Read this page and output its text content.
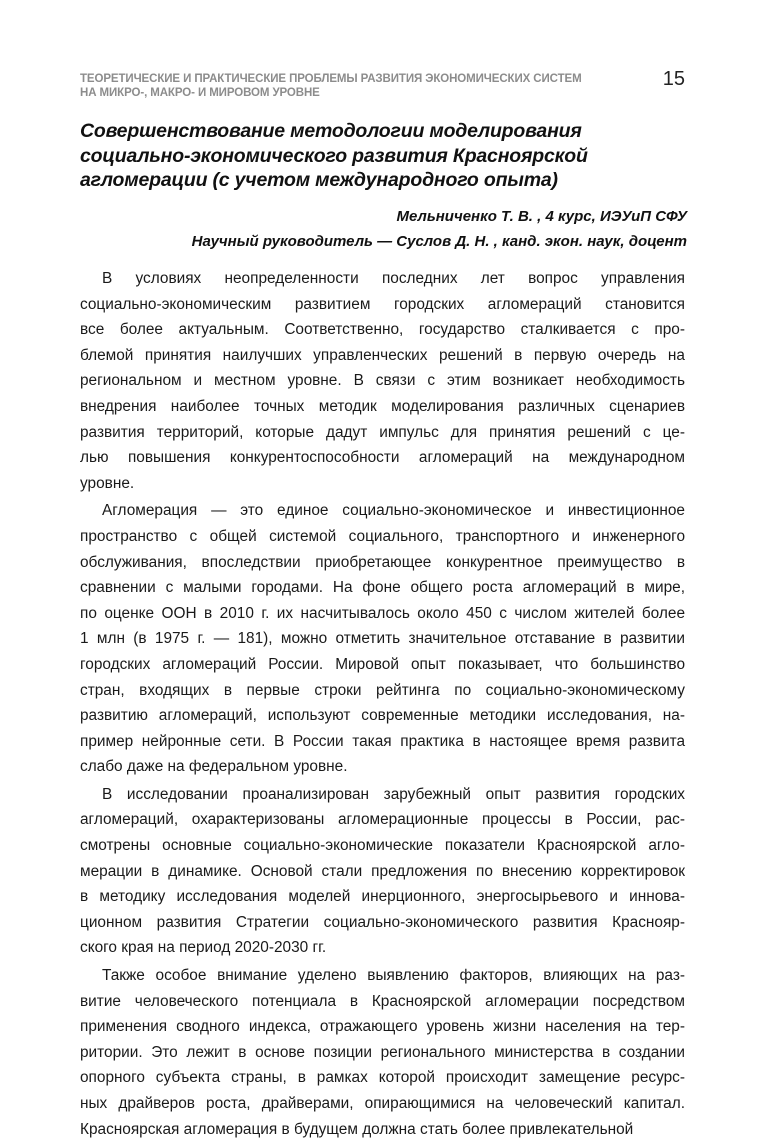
ТЕОРЕТИЧЕСКИЕ И ПРАКТИЧЕСКИЕ ПРОБЛЕМЫ РАЗВИТИЯ ЭКОНОМИЧЕСКИХ СИСТЕМ
НА МИКРО-, МАКРО- И МИРОВОМ УРОВНЕ
15
Совершенствование методологии моделирования
социально-экономического развития Красноярской
агломерации (с учетом международного опыта)
Мельниченко Т. В. , 4 курс, ИЭУиП СФУ
Научный руководитель — Суслов Д. Н. , канд. экон. наук, доцент
В условиях неопределенности последних лет вопрос управления
социально-экономическим развитием городских агломераций становится
все более актуальным. Соответственно, государство сталкивается с про-
блемой принятия наилучших управленческих решений в первую очередь на
региональном и местном уровне. В связи с этим возникает необходимость
внедрения наиболее точных методик моделирования различных сценариев
развития территорий, которые дадут импульс для принятия решений с це-
лью повышения конкурентоспособности агломераций на международном
уровне.
Агломерация — это единое социально-экономическое и инвестиционное
пространство с общей системой социального, транспортного и инженерного
обслуживания, впоследствии приобретающее конкурентное преимущество в
сравнении с малыми городами. На фоне общего роста агломераций в мире,
по оценке ООН в 2010 г. их насчитывалось около 450 с числом жителей более
1 млн (в 1975 г. — 181), можно отметить значительное отставание в развитии
городских агломераций России. Мировой опыт показывает, что большинство
стран, входящих в первые строки рейтинга по социально-экономическому
развитию агломераций, используют современные методики исследования, на-
пример нейронные сети. В России такая практика в настоящее время развита
слабо даже на федеральном уровне.
В исследовании проанализирован зарубежный опыт развития городских
агломераций, охарактеризованы агломерационные процессы в России, рас-
смотрены основные социально-экономические показатели Красноярской агло-
мерации в динамике. Основой стали предложения по внесению корректировок
в методику исследования моделей инерционного, энергосырьевого и иннова-
ционном развития Стратегии социально-экономического развития Краснояр-
ского края на период 2020-2030 гг.
Также особое внимание уделено выявлению факторов, влияющих на раз-
витие человеческого потенциала в Красноярской агломерации посредством
применения сводного индекса, отражающего уровень жизни населения на тер-
ритории. Это лежит в основе позиции регионального министерства в создании
опорного субъекта страны, в рамках которой происходит замещение ресурс-
ных драйверов роста, драйверами, опирающимися на человеческий капитал.
Красноярская агломерация в будущем должна стать более привлекательной
